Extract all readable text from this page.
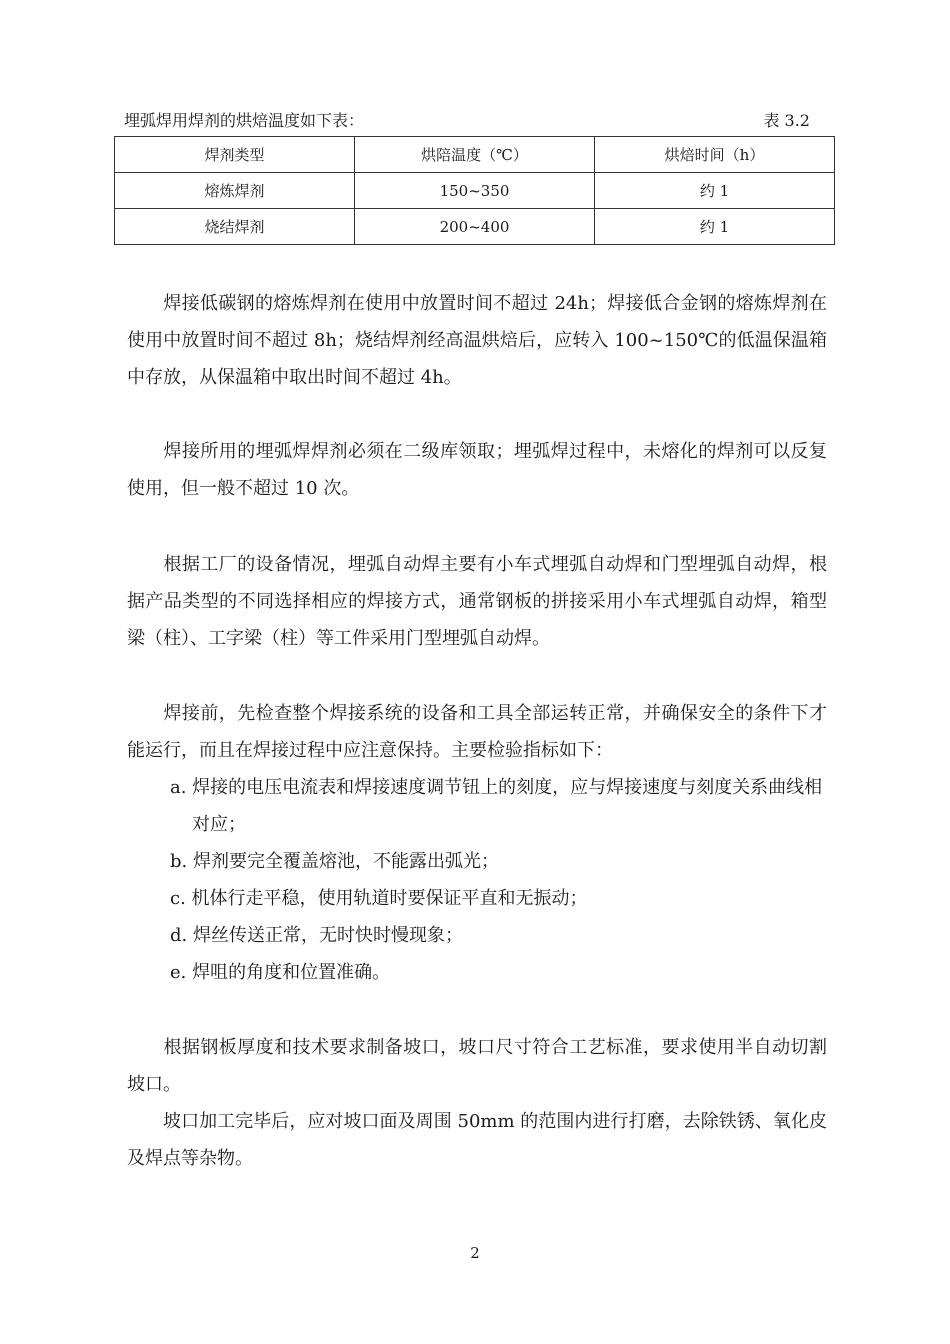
埋弧焊用焊剂的烘焙温度如下表：	表 3.2
焊剂类型	烘陪温度（℃）	烘焙时间（h）
熔炼焊剂	150~350	约 1
烧结焊剂	200~400	约 1

焊接低碳钢的熔炼焊剂在使用中放置时间不超过 24h；焊接低合金钢的熔炼焊剂在使用中放置时间不超过 8h；烧结焊剂经高温烘焙后，应转入 100~150℃的低温保温箱中存放，从保温箱中取出时间不超过 4h。

焊接所用的埋弧焊焊剂必须在二级库领取；埋弧焊过程中，未熔化的焊剂可以反复使用，但一般不超过 10 次。

根据工厂的设备情况，埋弧自动焊主要有小车式埋弧自动焊和门型埋弧自动焊，根据产品类型的不同选择相应的焊接方式，通常钢板的拼接采用小车式埋弧自动焊，箱型梁（柱）、工字梁（柱）等工件采用门型埋弧自动焊。

焊接前，先检查整个焊接系统的设备和工具全部运转正常，并确保安全的条件下才能运行，而且在焊接过程中应注意保持。主要检验指标如下：

a. 焊接的电压电流表和焊接速度调节钮上的刻度，应与焊接速度与刻度关系曲线相对应；
b. 焊剂要完全覆盖熔池，不能露出弧光；
c. 机体行走平稳，使用轨道时要保证平直和无振动；
d. 焊丝传送正常，无时快时慢现象；
e. 焊咀的角度和位置准确。

根据钢板厚度和技术要求制备坡口，坡口尺寸符合工艺标准，要求使用半自动切割坡口。

坡口加工完毕后，应对坡口面及周围 50mm 的范围内进行打磨，去除铁锈、氧化皮及焊点等杂物。

2
